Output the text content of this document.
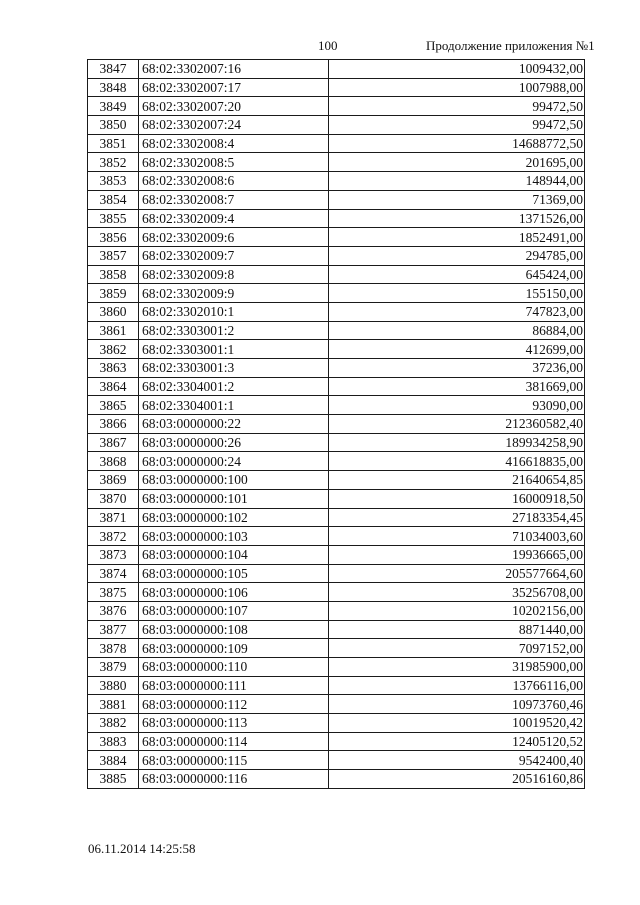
100	Продолжение приложения №1
3847	68:02:3302007:16	1009432,00
3848	68:02:3302007:17	1007988,00
3849	68:02:3302007:20	99472,50
3850	68:02:3302007:24	99472,50
3851	68:02:3302008:4	14688772,50
3852	68:02:3302008:5	201695,00
3853	68:02:3302008:6	148944,00
3854	68:02:3302008:7	71369,00
3855	68:02:3302009:4	1371526,00
3856	68:02:3302009:6	1852491,00
3857	68:02:3302009:7	294785,00
3858	68:02:3302009:8	645424,00
3859	68:02:3302009:9	155150,00
3860	68:02:3302010:1	747823,00
3861	68:02:3303001:2	86884,00
3862	68:02:3303001:1	412699,00
3863	68:02:3303001:3	37236,00
3864	68:02:3304001:2	381669,00
3865	68:02:3304001:1	93090,00
3866	68:03:0000000:22	212360582,40
3867	68:03:0000000:26	189934258,90
3868	68:03:0000000:24	416618835,00
3869	68:03:0000000:100	21640654,85
3870	68:03:0000000:101	16000918,50
3871	68:03:0000000:102	27183354,45
3872	68:03:0000000:103	71034003,60
3873	68:03:0000000:104	19936665,00
3874	68:03:0000000:105	205577664,60
3875	68:03:0000000:106	35256708,00
3876	68:03:0000000:107	10202156,00
3877	68:03:0000000:108	8871440,00
3878	68:03:0000000:109	7097152,00
3879	68:03:0000000:110	31985900,00
3880	68:03:0000000:111	13766116,00
3881	68:03:0000000:112	10973760,46
3882	68:03:0000000:113	10019520,42
3883	68:03:0000000:114	12405120,52
3884	68:03:0000000:115	9542400,40
3885	68:03:0000000:116	20516160,86
06.11.2014 14:25:58
